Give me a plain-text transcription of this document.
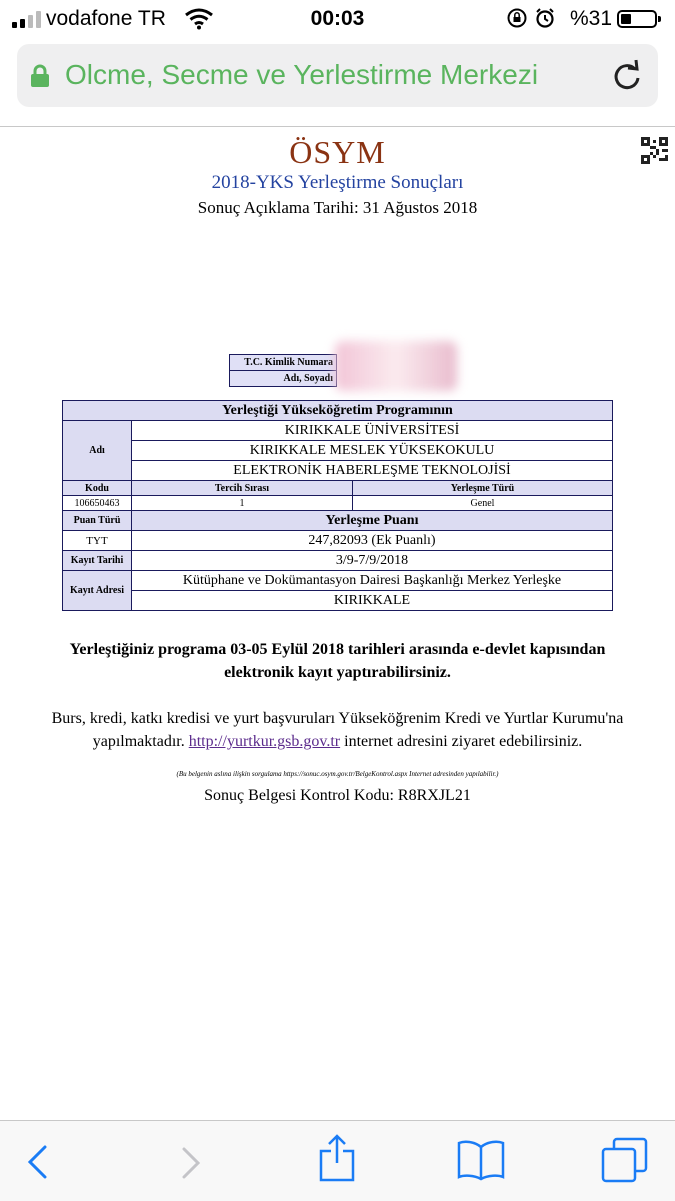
vodafone TR	00:03	%31
Olcme, Secme ve Yerlestirme Merkezi
ÖSYM
2018-YKS Yerleştirme Sonuçları
Sonuç Açıklama Tarihi: 31 Ağustos 2018
T.C. Kimlik Numara
Adı, Soyadı
Yerleştiği Yükseköğretim Programının		
Adı	KIRIKKALE ÜNİVERSİTESİ	
	KIRIKKALE MESLEK YÜKSEKOKULU	
	ELEKTRONİK HABERLEŞME TEKNOLOJİSİ	
Kodu	Tercih Sırası	Yerleşme Türü
106650463	1	Genel
Puan Türü	Yerleşme Puanı	
TYT	247,82093 (Ek Puanlı)	
Kayıt Tarihi	3/9-7/9/2018	
Kayıt Adresi	Kütüphane ve Dokümantasyon Dairesi Başkanlığı Merkez Yerleşke	
	KIRIKKALE	
Yerleştiğiniz programa 03-05 Eylül 2018 tarihleri arasında e-devlet kapısından
elektronik kayıt yaptırabilirsiniz.
Burs, kredi, katkı kredisi ve yurt başvuruları Yükseköğrenim Kredi ve Yurtlar Kurumu'na
yapılmaktadır. http://yurtkur.gsb.gov.tr internet adresini ziyaret edebilirsiniz.
(Bu belgenin aslına ilişkin sorgulama https://sonuc.osym.gov.tr/BelgeKontrol.aspx Internet adresinden yapılabilir.)
Sonuç Belgesi Kontrol Kodu: R8RXJL21
